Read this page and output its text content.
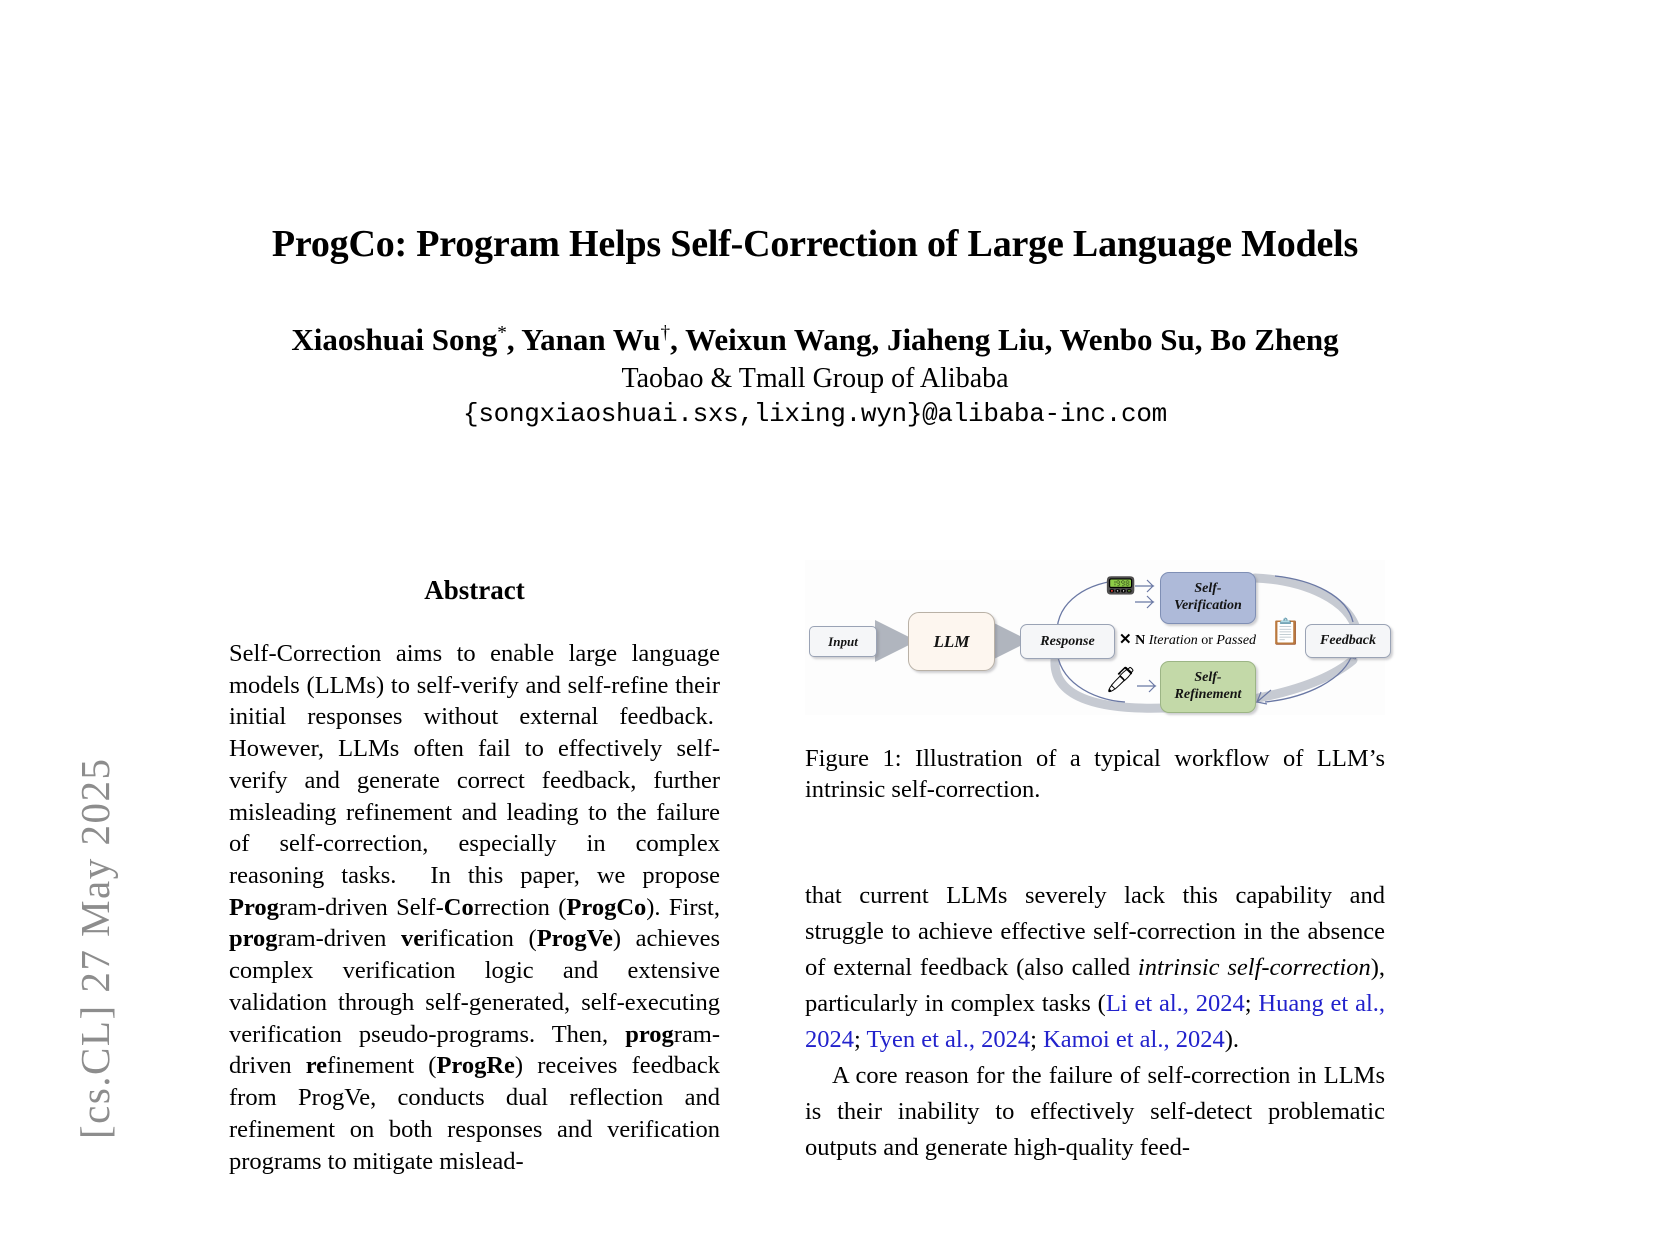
[cs.CL] 27 May 2025
ProgCo: Program Helps Self-Correction of Large Language Models
Xiaoshuai Song*, Yanan Wu†, Weixun Wang, Jiaheng Liu, Wenbo Su, Bo Zheng
Taobao & Tmall Group of Alibaba
{songxiaoshuai.sxs,lixing.wyn}@alibaba-inc.com
Abstract

Self-Correction aims to enable large language models (LLMs) to self-verify and self-refine their initial responses without external feedback.  However, LLMs often fail to effectively self-verify and generate correct feedback, further misleading refinement and leading to the failure of self-correction, especially in complex reasoning tasks.  In this paper, we propose Program-driven Self-Correction (ProgCo). First, program-driven verification (ProgVe) achieves complex verification logic and extensive validation through self-generated, self-executing verification pseudo-programs. Then, program-driven refinement (ProgRe) receives feedback from ProgVe, conducts dual reflection and refinement on both responses and verification programs to mitigate mislead-

Input	LLM	Response
Self-
Verification
Self-
Refinement
Feedback
✕ N Iteration or Passed
📟
📋
🖊
Figure 1: Illustration of a typical workflow of LLM’s intrinsic self-correction.

that current LLMs severely lack this capability and struggle to achieve effective self-correction in the absence of external feedback (also called intrinsic self-correction), particularly in complex tasks (Li et al., 2024; Huang et al., 2024; Tyen et al., 2024; Kamoi et al., 2024).

A core reason for the failure of self-correction in LLMs is their inability to effectively self-detect problematic outputs and generate high-quality feed-
